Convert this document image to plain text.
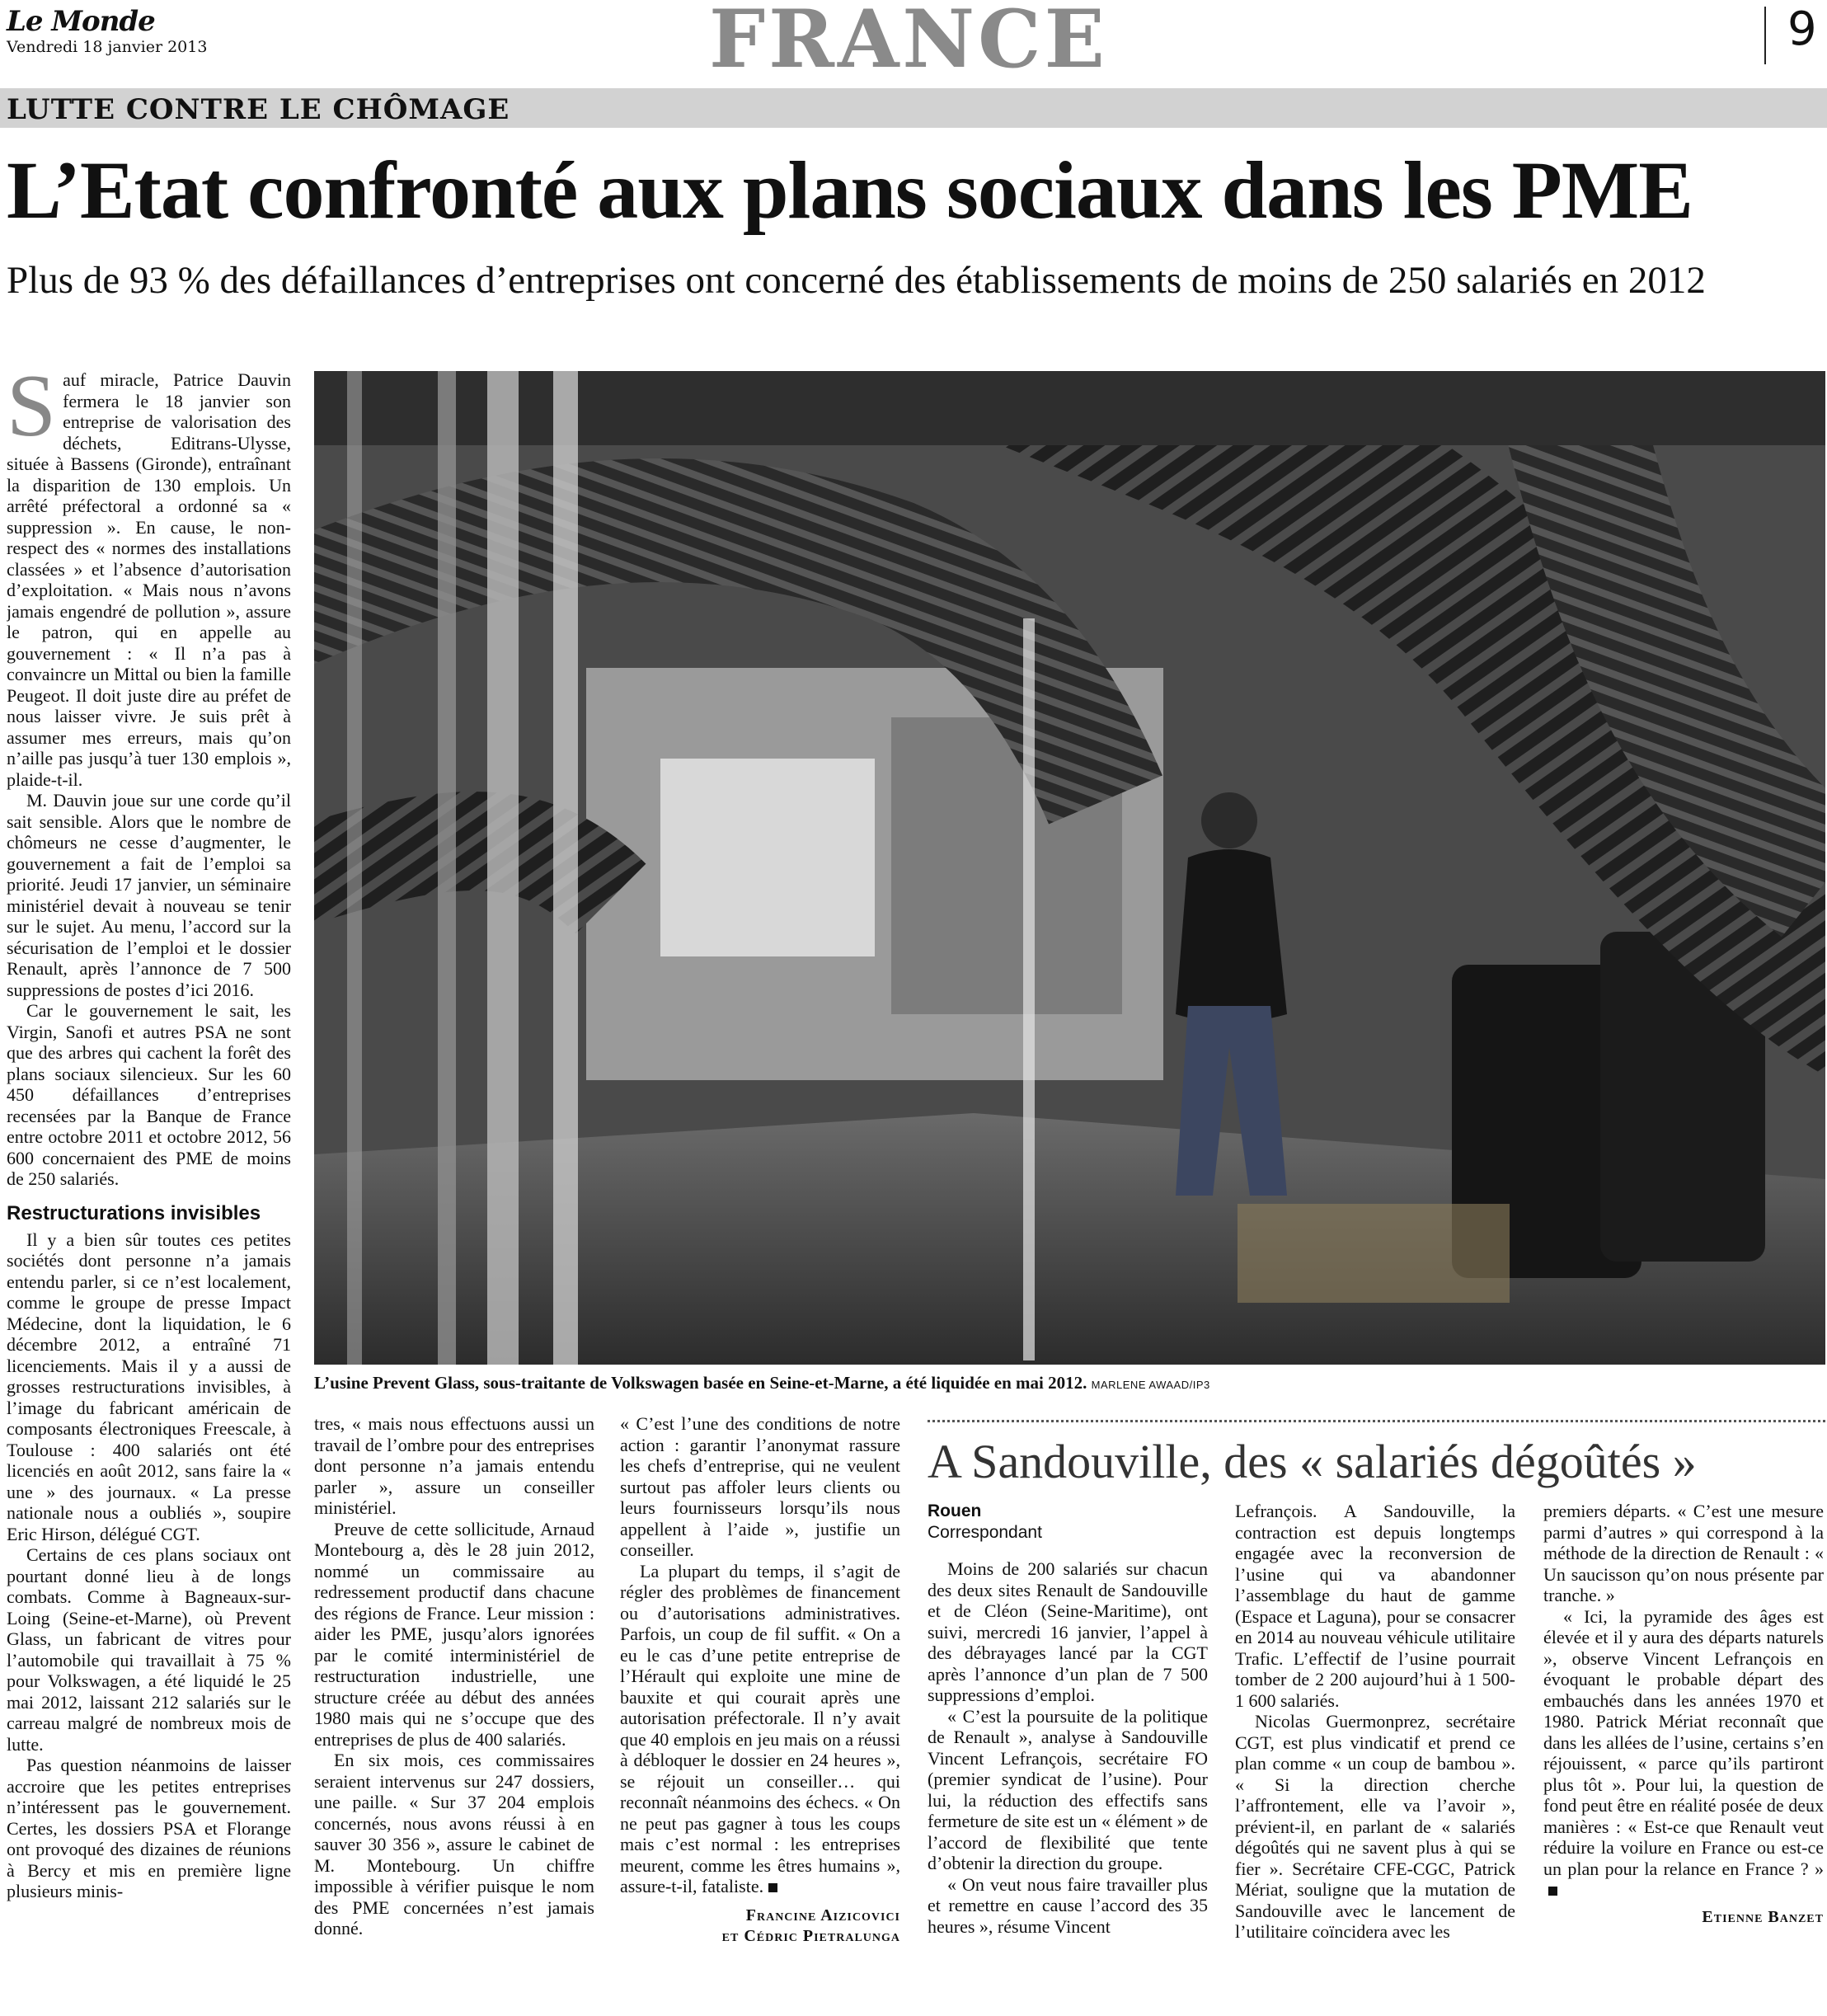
Le Monde
Vendredi 18 janvier 2013	FRANCE	9
LUTTE CONTRE LE CHÔMAGE
L’Etat confronté aux plans sociaux dans les PME
Plus de 93 % des défaillances d’entreprises ont concerné des établissements de moins de 250 salariés en 2012

Sauf miracle, Patrice Dauvin fermera le 18 janvier son entreprise de valorisation des déchets, Editrans-Ulysse, située à Bassens (Gironde), entraînant la disparition de 130 emplois. Un arrêté préfectoral a ordonné sa « suppression ». En cause, le non-respect des « normes des installations classées » et l’absence d’autorisation d’exploitation. « Mais nous n’avons jamais engendré de pollution », assure le patron, qui en appelle au gouvernement : « Il n’a pas à convaincre un Mittal ou bien la famille Peugeot. Il doit juste dire au préfet de nous laisser vivre. Je suis prêt à assumer mes erreurs, mais qu’on n’aille pas jusqu’à tuer 130 emplois », plaide-t-il.

M. Dauvin joue sur une corde qu’il sait sensible. Alors que le nombre de chômeurs ne cesse d’augmenter, le gouvernement a fait de l’emploi sa priorité. Jeudi 17 janvier, un séminaire ministériel devait à nouveau se tenir sur le sujet. Au menu, l’accord sur la sécurisation de l’emploi et le dossier Renault, après l’annonce de 7 500 suppressions de postes d’ici 2016.

Car le gouvernement le sait, les Virgin, Sanofi et autres PSA ne sont que des arbres qui cachent la forêt des plans sociaux silencieux. Sur les 60 450 défaillances d’entreprises recensées par la Banque de France entre octobre 2011 et octobre 2012, 56 600 concernaient des PME de moins de 250 salariés.

Restructurations invisibles

Il y a bien sûr toutes ces petites sociétés dont personne n’a jamais entendu parler, si ce n’est localement, comme le groupe de presse Impact Médecine, dont la liquidation, le 6 décembre 2012, a entraîné 71 licenciements. Mais il y a aussi de grosses restructurations invisibles, à l’image du fabricant américain de composants électroniques Freescale, à Toulouse : 400 salariés ont été licenciés en août 2012, sans faire la « une » des journaux. « La presse nationale nous a oubliés », soupire Eric Hirson, délégué CGT.

Certains de ces plans sociaux ont pourtant donné lieu à de longs combats. Comme à Bagneaux-sur-Loing (Seine-et-Marne), où Prevent Glass, un fabricant de vitres pour l’automobile qui travaillait à 75 % pour Volkswagen, a été liquidé le 25 mai 2012, laissant 212 salariés sur le carreau malgré de nombreux mois de lutte.

Pas question néanmoins de laisser accroire que les petites entreprises n’intéressent pas le gouvernement. Certes, les dossiers PSA et Florange ont provoqué des dizaines de réunions à Bercy et mis en première ligne plusieurs minis-

L’usine Prevent Glass, sous-traitante de Volkswagen basée en Seine-et-Marne, a été liquidée en mai 2012. MARLENE AWAAD/IP3

tres, « mais nous effectuons aussi un travail de l’ombre pour des entreprises dont personne n’a jamais entendu parler », assure un conseiller ministériel.

Preuve de cette sollicitude, Arnaud Montebourg a, dès le 28 juin 2012, nommé un commissaire au redressement productif dans chacune des régions de France. Leur mission : aider les PME, jusqu’alors ignorées par le comité interministériel de restructuration industrielle, une structure créée au début des années 1980 mais qui ne s’occupe que des entreprises de plus de 400 salariés.

En six mois, ces commissaires seraient intervenus sur 247 dossiers, une paille. « Sur 37 204 emplois concernés, nous avons réussi à en sauver 30 356 », assure le cabinet de M. Montebourg. Un chiffre impossible à vérifier puisque le nom des PME concernées n’est jamais donné.

« C’est l’une des conditions de notre action : garantir l’anonymat rassure les chefs d’entreprise, qui ne veulent surtout pas affoler leurs clients ou leurs fournisseurs lorsqu’ils nous appellent à l’aide », justifie un conseiller.

La plupart du temps, il s’agit de régler des problèmes de financement ou d’autorisations administratives. Parfois, un coup de fil suffit. « On a eu le cas d’une petite entreprise de l’Hérault qui exploite une mine de bauxite et qui courait après une autorisation préfectorale. Il n’y avait que 40 emplois en jeu mais on a réussi à débloquer le dossier en 24 heures », se réjouit un conseiller… qui reconnaît néanmoins des échecs. « On ne peut pas gagner à tous les coups mais c’est normal : les entreprises meurent, comme les êtres humains », assure-t-il, fataliste.

Francine Aizicovici
et Cédric Pietralunga
A Sandouville, des « salariés dégoûtés »
Rouen
Correspondant

Moins de 200 salariés sur chacun des deux sites Renault de Sandouville et de Cléon (Seine-Maritime), ont suivi, mercredi 16 janvier, l’appel à des débrayages lancé par la CGT après l’annonce d’un plan de 7 500 suppressions d’emploi.

« C’est la poursuite de la politique de Renault », analyse à Sandouville Vincent Lefrançois, secrétaire FO (premier syndicat de l’usine). Pour lui, la réduction des effectifs sans fermeture de site est un « élément » de l’accord de flexibilité que tente d’obtenir la direction du groupe.

« On veut nous faire travailler plus et remettre en cause l’accord des 35 heures », résume Vincent

Lefrançois. A Sandouville, la contraction est depuis longtemps engagée avec la reconversion de l’usine qui va abandonner l’assemblage du haut de gamme (Espace et Laguna), pour se consacrer en 2014 au nouveau véhicule utilitaire Trafic. L’effectif de l’usine pourrait tomber de 2 200 aujourd’hui à 1 500-1 600 salariés.

Nicolas Guermonprez, secrétaire CGT, est plus vindicatif et prend ce plan comme « un coup de bambou ». « Si la direction cherche l’affrontement, elle va l’avoir », prévient-il, en parlant de « salariés dégoûtés qui ne savent plus à qui se fier ». Secrétaire CFE-CGC, Patrick Mériat, souligne que la mutation de Sandouville avec le lancement de l’utilitaire coïncidera avec les

premiers départs. « C’est une mesure parmi d’autres » qui correspond à la méthode de la direction de Renault : « Un saucisson qu’on nous présente par tranche. »

« Ici, la pyramide des âges est élevée et il y aura des départs naturels », observe Vincent Lefrançois en évoquant le probable départ des embauchés dans les années 1970 et 1980. Patrick Mériat reconnaît que dans les allées de l’usine, certains s’en réjouissent, « parce qu’ils partiront plus tôt ». Pour lui, la question de fond peut être en réalité posée de deux manières : « Est-ce que Renault veut réduire la voilure en France ou est-ce un plan pour la relance en France ? »

Etienne Banzet
